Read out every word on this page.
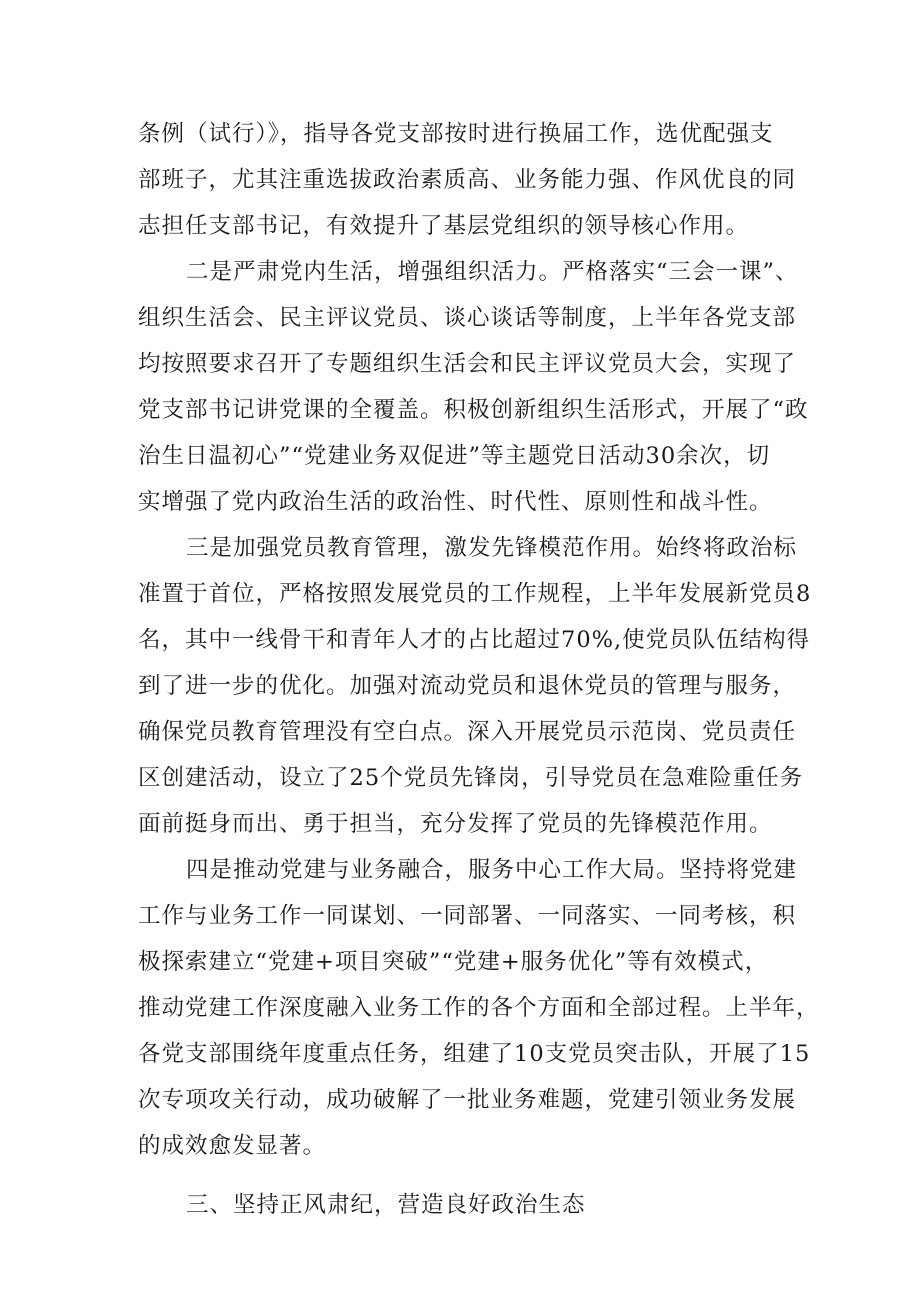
条例（试行）》，指导各党支部按时进行换届工作，选优配强支
部班子，尤其注重选拔政治素质高、业务能力强、作风优良的同
志担任支部书记，有效提升了基层党组织的领导核心作用。
二是严肃党内生活，增强组织活力。严格落实“三会一课”、
组织生活会、民主评议党员、谈心谈话等制度，上半年各党支部
均按照要求召开了专题组织生活会和民主评议党员大会，实现了
党支部书记讲党课的全覆盖。积极创新组织生活形式，开展了“政
治生日温初心”“党建业务双促进”等主题党日活动30余次，切
实增强了党内政治生活的政治性、时代性、原则性和战斗性。
三是加强党员教育管理，激发先锋模范作用。始终将政治标
准置于首位，严格按照发展党员的工作规程，上半年发展新党员8
名，其中一线骨干和青年人才的占比超过70%,使党员队伍结构得
到了进一步的优化。加强对流动党员和退休党员的管理与服务，
确保党员教育管理没有空白点。深入开展党员示范岗、党员责任
区创建活动，设立了25个党员先锋岗，引导党员在急难险重任务
面前挺身而出、勇于担当，充分发挥了党员的先锋模范作用。
四是推动党建与业务融合，服务中心工作大局。坚持将党建
工作与业务工作一同谋划、一同部署、一同落实、一同考核，积
极探索建立“党建+项目突破”“党建+服务优化”等有效模式，
推动党建工作深度融入业务工作的各个方面和全部过程。上半年，
各党支部围绕年度重点任务，组建了10支党员突击队，开展了15
次专项攻关行动，成功破解了一批业务难题，党建引领业务发展
的成效愈发显著。
三、坚持正风肃纪，营造良好政治生态
